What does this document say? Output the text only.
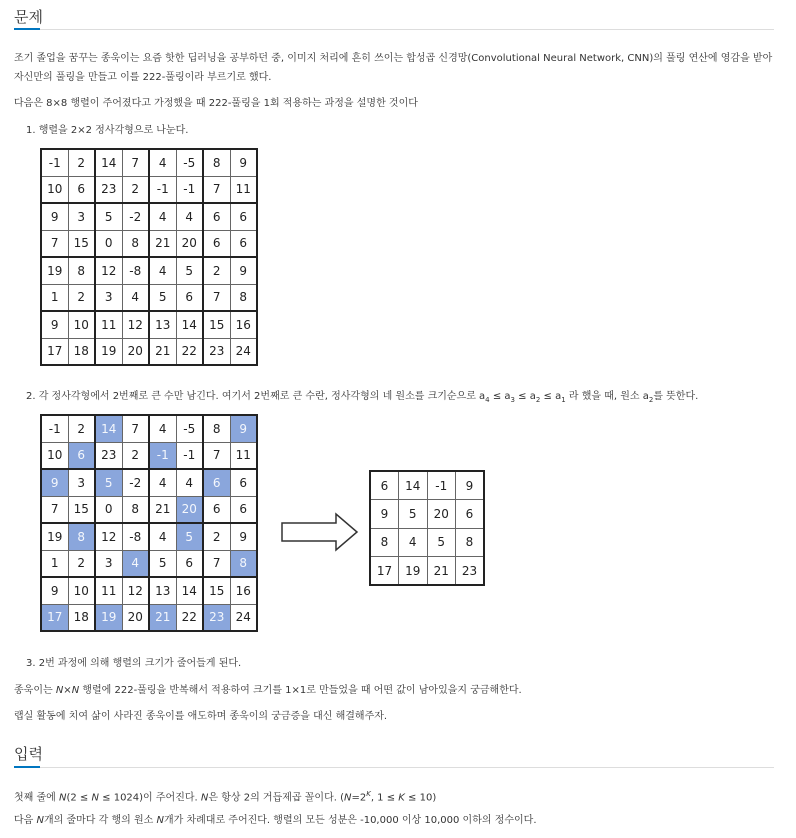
문제

조기 졸업을 꿈꾸는 종욱이는 요즘 핫한 딥러닝을 공부하던 중, 이미지 처리에 흔히 쓰이는 합성곱 신경망(Convolutional Neural Network, CNN)의 풀링 연산에 영감을 받아
자신만의 풀링을 만들고 이를 222-풀링이라 부르기로 했다.

다음은 8×8 행렬이 주어졌다고 가정했을 때 222-풀링을 1회 적용하는 과정을 설명한 것이다

1. 행렬을 2×2 정사각형으로 나눈다.

-1	2	14	7	4	-5	8	9
10	6	23	2	-1	-1	7	11
9	3	5	-2	4	4	6	6
7	15	0	8	21	20	6	6
19	8	12	-8	4	5	2	9
1	2	3	4	5	6	7	8
9	10	11	12	13	14	15	16
17	18	19	20	21	22	23	24

2. 각 정사각형에서 2번째로 큰 수만 남긴다. 여기서 2번째로 큰 수란, 정사각형의 네 원소를 크기순으로 $a_4 \le a_3 \le a_2 \le a_1$ 라 했을 때, 원소 $a_2$를 뜻한다.

-1	2	14	7	4	-5	8	9
10	6	23	2	-1	-1	7	11
9	3	5	-2	4	4	6	6
7	15	0	8	21	20	6	6
19	8	12	-8	4	5	2	9
1	2	3	4	5	6	7	8
9	10	11	12	13	14	15	16
17	18	19	20	21	22	23	24
6	14	-1	9
9	5	20	6
8	4	5	8
17	19	21	23

3. 2번 과정에 의해 행렬의 크기가 줄어들게 된다.

종욱이는 N×N 행렬에 222-풀링을 반복해서 적용하여 크기를 1×1로 만들었을 때 어떤 값이 남아있을지 궁금해한다.

랩실 활동에 치여 삶이 사라진 종욱이를 애도하며 종욱이의 궁금증을 대신 해결해주자.

입력

첫째 줄에 N(2 ≤ N ≤ 1024)이 주어진다. N은 항상 2의 거듭제곱 꼴이다. ($N=2^K$, 1 ≤ K ≤ 10)

다음 N개의 줄마다 각 행의 원소 N개가 차례대로 주어진다. 행렬의 모든 성분은 -10,000 이상 10,000 이하의 정수이다.
